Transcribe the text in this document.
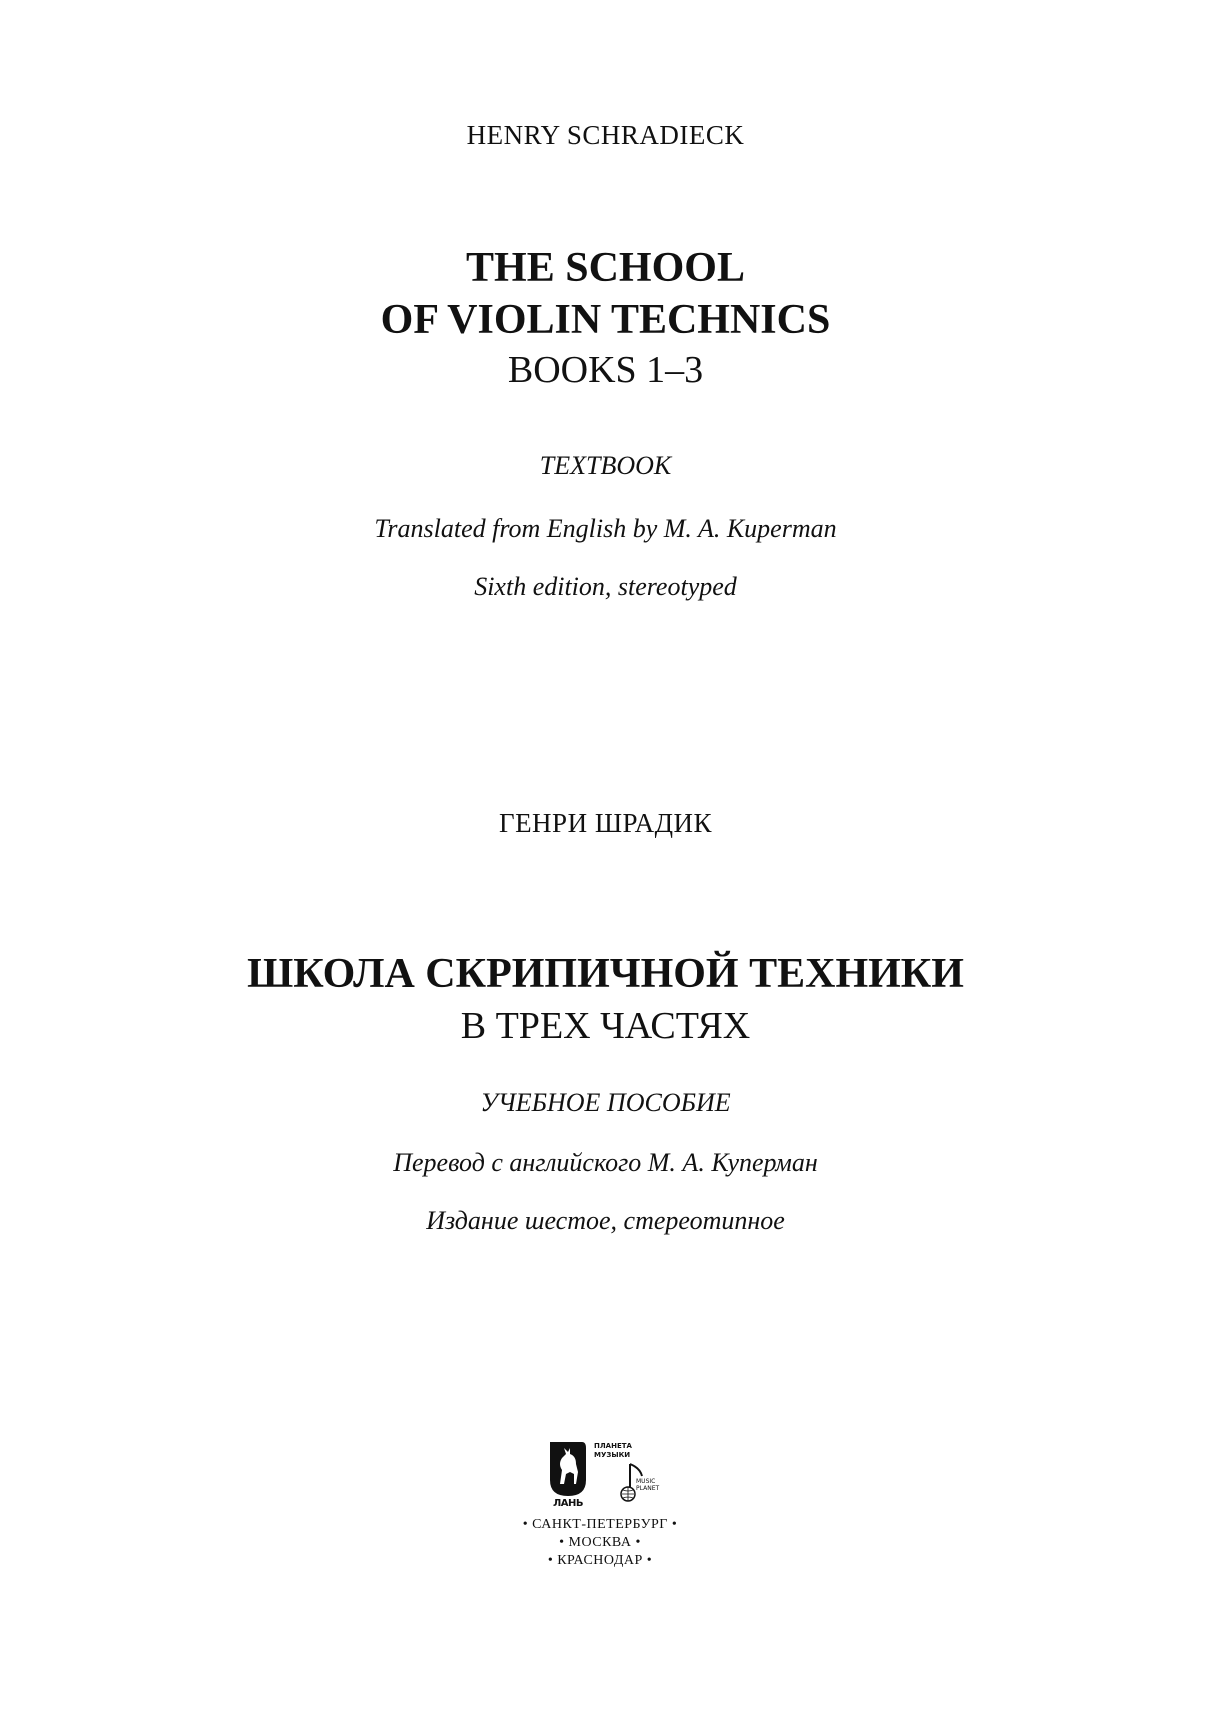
HENRY SCHRADIECK
THE SCHOOL
OF VIOLIN TECHNICS
BOOKS 1–3
TEXTBOOK
Translated from English by M. A. Kuperman
Sixth edition, stereotyped
ГЕНРИ ШРАДИК
ШКОЛА СКРИПИЧНОЙ ТЕХНИКИ
В ТРЕХ ЧАСТЯХ
УЧЕБНОЕ ПОСОБИЕ
Перевод с английского М. А. Куперман
Издание шестое, стереотипное
ЛАНЬ
ПЛАНЕТА
МУЗЫКИ
MUSIC
PLANET
• САНКТ-ПЕТЕРБУРГ •
• МОСКВА •
• КРАСНОДАР •
